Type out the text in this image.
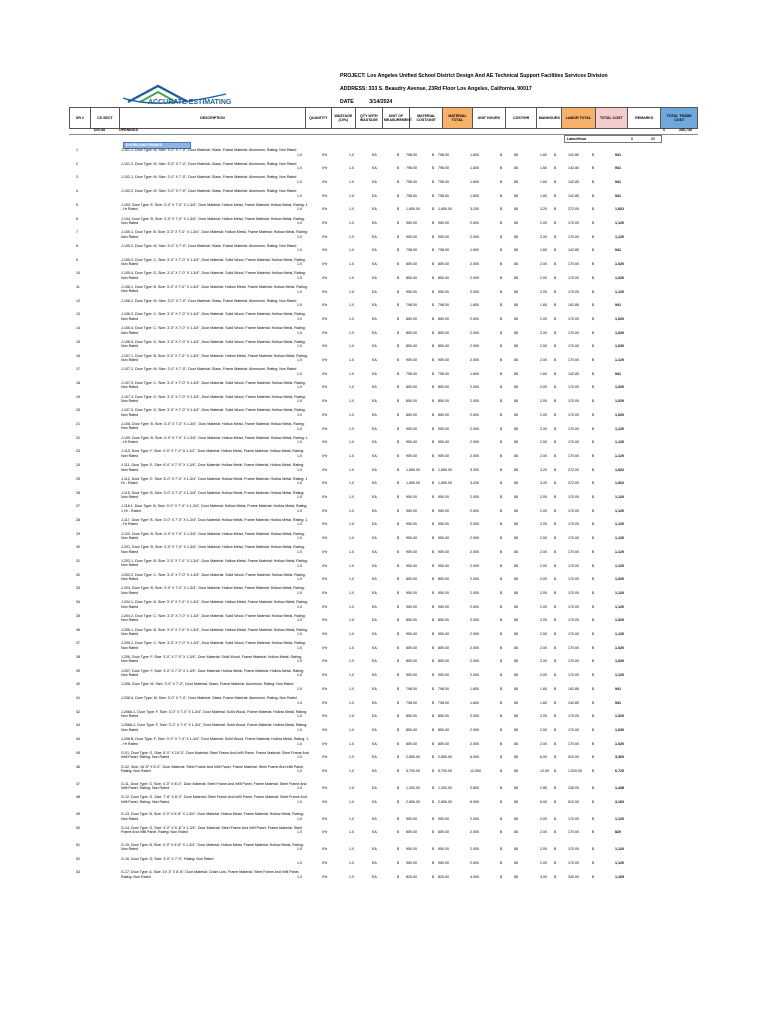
ACCURATE ESTIMATING
PROJECT: Los Angeles Unified School District Design And AE Technical Support Facilities Services Division
ADDRESS: 333 S. Beaudry Avenue, 23Rd Floor Los Angeles, California, 90017
DATE	3/14/2024
SR #	CS SECT	DESCRIPTION	QUANTITY	WASTAGE (10%)	QTY WITH WASTAGE	UNIT OF MEASUREMENT	MATERIAL COST/UNIT	MATERIAL TOTAL	UNIT HOURS	COST/HR	MANHOURS	LABOR TOTAL	TOTAL COST	REMARKS	TOTAL TRADE COST
DIV-08	OPENINGS	$	285,739
Labor/Hour	$	85
DOORS AND FRAMES
1	J-101.1, Door Type: M, Size: 3'-0" X 7'-0", Door Material: Glass, Frame Material: Aluminum, Rating: Non Rated
1.0	0%	1.0	EA	$ 798.00	$ 798.00	1.600	$	85	1.60 $	142.80	$	941
2	J-101.2, Door Type: M, Size: 3'-0" X 7'-0", Door Material: Glass, Frame Material: Aluminum, Rating: Non Rated
1.0	0%	1.0	EA	$ 798.00	$ 798.00	1.600	$	85	1.60 $	142.80	$	941
3	J-102.1, Door Type: M, Size: 3'-0" X 7'-0", Door Material: Glass, Frame Material: Aluminum, Rating: Non Rated
1.0	0%	1.0	EA	$ 798.00	$ 798.00	1.600	$	85	1.60 $	142.80	$	941
4	J-102.2, Door Type: M, Size: 3'-0" X 7'-0", Door Material: Glass, Frame Material: Aluminum, Rating: Non Rated
1.0	0%	1.0	EA	$ 798.00	$ 798.00	1.600	$	85	1.60 $	142.80	$	941
5	J-103, Door Type: E, Size: 3'-0" X 7'-0" X 1-3/4", Door Material: Hollow Metal, Frame Material: Hollow Metal, Rating: 1 - Hr Rated	1.0	0%	1.0	EA	$ 1,650.00	$ 1,650.00	3.200	$	85	3.20 $	272.00	$	1,922
6	J-104, Door Type: B, Size: 3'-0" X 7'-0" X 1-3/4", Door Material: Hollow Metal, Frame Material: Hollow Metal, Rating: Non Rated	1.0	0%	1.0	EA	$ 950.00	$ 950.00	2.000	$	85	2.00 $	170.00	$	1,120
7	J-105.1, Door Type: B, Size: 3'-0" X 7'-0" X 1-3/4", Door Material: Hollow Metal, Frame Material: Hollow Metal, Rating: Non Rated	1.0	0%	1.0	EA	$ 950.00	$ 950.00	2.000	$	85	2.00 $	170.00	$	1,120
8	J-105.2, Door Type: M, Size: 3'-0" X 7'-0", Door Material: Glass, Frame Material: Aluminum, Rating: Non Rated
1.0	0%	1.0	EA	$ 798.00	$ 798.00	1.600	$	85	1.60 $	142.80	$	941
9	J-105.3, Door Type: C, Size: 3'-0" X 7'-0" X 1-3/4", Door Material: Solid Wood, Frame Material: Hollow Metal, Rating: Non Rated	1.0	0%	1.0	EA	$ 850.00	$ 850.00	2.000	$	85	2.00 $	170.00	$	1,020
10	J-105.4, Door Type: D, Size: 3'-0" X 7'-0" X 1-3/4", Door Material: Solid Wood, Frame Material: Hollow Metal, Rating: Non Rated	1.0	0%	1.0	EA	$ 850.00	$ 850.00	2.000	$	85	2.00 $	170.00	$	1,020
11	J-106.1, Door Type: B, Size: 3'-0" X 7'-0" X 1-3/4", Door Material: Hollow Metal, Frame Material: Hollow Metal, Rating: Non Rated	1.0	0%	1.0	EA	$ 950.00	$ 950.00	2.000	$	85	2.00 $	170.00	$	1,120
12	J-106.2, Door Type: M, Size: 3'-0" X 7'-0", Door Material: Glass, Frame Material: Aluminum, Rating: Non Rated
1.0	0%	1.0	EA	$ 798.00	$ 798.00	1.600	$	85	1.60 $	142.80	$	941
13	J-106.3, Door Type: C, Size: 3'-0" X 7'-0" X 1-3/4", Door Material: Solid Wood, Frame Material: Hollow Metal, Rating: Non Rated	1.0	0%	1.0	EA	$ 850.00	$ 850.00	2.000	$	85	2.00 $	170.00	$	1,020
14	J-106.4, Door Type: C, Size: 3'-0" X 7'-0" X 1-3/4", Door Material: Solid Wood, Frame Material: Hollow Metal, Rating: Non Rated	1.0	0%	1.0	EA	$ 850.00	$ 850.00	2.000	$	85	2.00 $	170.00	$	1,020
15	J-106.5, Door Type: D, Size: 3'-0" X 7'-0" X 1-3/4", Door Material: Solid Wood, Frame Material: Hollow Metal, Rating: Non Rated	1.0	0%	1.0	EA	$ 850.00	$ 850.00	2.000	$	85	2.00 $	170.00	$	1,020
16	J-107.1, Door Type: B, Size: 3'-0" X 7'-0" X 1-3/4", Door Material: Hollow Metal, Frame Material: Hollow Metal, Rating: Non Rated	1.0	0%	1.0	EA	$ 950.00	$ 950.00	2.000	$	85	2.00 $	170.00	$	1,120
17	J-107.2, Door Type: M, Size: 3'-0" X 7'-0", Door Material: Glass, Frame Material: Aluminum, Rating: Non Rated
1.0	0%	1.0	EA	$ 798.00	$ 798.00	1.600	$	85	1.60 $	142.80	$	941
18	J-107.3, Door Type: C, Size: 3'-0" X 7'-0" X 1-3/4", Door Material: Solid Wood, Frame Material: Hollow Metal, Rating: Non Rated	1.0	0%	1.0	EA	$ 850.00	$ 850.00	2.000	$	85	2.00 $	170.00	$	1,020
19	J-107.4, Door Type: D, Size: 3'-0" X 7'-0" X 1-3/4", Door Material: Solid Wood, Frame Material: Hollow Metal, Rating: Non Rated	1.0	0%	1.0	EA	$ 850.00	$ 850.00	2.000	$	85	2.00 $	170.00	$	1,020
20	J-107.5, Door Type: D, Size: 3'-0" X 7'-0" X 1-3/4", Door Material: Solid Wood, Frame Material: Hollow Metal, Rating: Non Rated	1.0	0%	1.0	EA	$ 850.00	$ 850.00	2.000	$	85	2.00 $	170.00	$	1,020
21	J-108, Door Type: B, Size: 3'-0" X 7'-0" X 1-3/4", Door Material: Hollow Metal, Frame Material: Hollow Metal, Rating: Non Rated	1.0	0%	1.0	EA	$ 950.00	$ 950.00	2.000	$	85	2.00 $	170.00	$	1,120
22	J-109, Door Type: B, Size: 3'-0" X 7'-0" X 1-3/4", Door Material: Hollow Metal, Frame Material: Hollow Metal, Rating: 1 - Hr Rated	1.0	0%	1.0	EA	$ 950.00	$ 950.00	2.000	$	85	2.00 $	170.00	$	1,120
23	J-110, Door Type: F, Size: 4'-0" X 7'-0" X 1-1/2", Door Material: Hollow Metal, Frame Material: Hollow Metal, Rating: Non Rated	1.0	0%	1.0	EA	$ 950.00	$ 950.00	2.000	$	85	2.00 $	170.00	$	1,120
24	J-111, Door Type: E, Size: 6'-0" X 7'-0" X 1-3/4", Door Material: Hollow Metal, Frame Material: Hollow Metal, Rating: Non Rated	1.0	0%	1.0	EA	$ 1,650.00	$ 1,650.00	3.200	$	85	3.20 $	272.00	$	1,922
25	J-112, Door Type: E, Size: 6'-0" X 7'-0" X 1-3/4", Door Material: Hollow Metal, Frame Material: Hollow Metal, Rating: 1 Hr - Rated	1.0	0%	1.0	EA	$ 1,650.00	$ 1,650.00	3.200	$	85	3.20 $	272.00	$	1,922
26	J-115, Door Type: B, Size: 3'-0" X 7'-0" X 1-3/4", Door Material: Hollow Metal, Frame Material: Hollow Metal, Rating: Non Rated	1.0	0%	1.0	EA	$ 950.00	$ 950.00	2.000	$	85	2.00 $	170.00	$	1,120
27	J-116.1, Door Type: B, Size: 3'-0" X 7'-0" X 1-3/4", Door Material: Hollow Metal, Frame Material: Hollow Metal, Rating: 1 Hr - Rated	1.0	0%	1.0	EA	$ 950.00	$ 950.00	2.000	$	85	2.00 $	170.00	$	1,120
28	J-117, Door Type: B, Size: 3'-0" X 7'-0" X 1-3/4", Door Material: Hollow Metal, Frame Material: Hollow Metal, Rating: 1 - Hr Rated	1.0	0%	1.0	EA	$ 950.00	$ 950.00	2.000	$	85	2.00 $	170.00	$	1,120
29	J-120, Door Type: B, Size: 3'-0" X 7'-0" X 1-3/4", Door Material: Hollow Metal, Frame Material: Hollow Metal, Rating: Non Rated	1.0	0%	1.0	EA	$ 950.00	$ 950.00	2.000	$	85	2.00 $	170.00	$	1,120
30	J-201, Door Type: B, Size: 3'-0" X 7'-0" X 1-3/4", Door Material: Hollow Metal, Frame Material: Hollow Metal, Rating: Non Rated	1.0	0%	1.0	EA	$ 950.00	$ 950.00	2.000	$	85	2.00 $	170.00	$	1,120
31	J-202.1, Door Type: B, Size: 3'-0" X 7'-0" X 1-3/4", Door Material: Hollow Metal, Frame Material: Hollow Metal, Rating: Non Rated	1.0	0%	1.0	EA	$ 950.00	$ 950.00	2.000	$	85	2.00 $	170.00	$	1,120
32	J-202.2, Door Type: C, Size: 3'-0" X 7'-0" X 1-3/4", Door Material: Solid Wood, Frame Material: Hollow Metal, Rating: Non Rated	1.0	0%	1.0	EA	$ 850.00	$ 850.00	2.000	$	85	2.00 $	170.00	$	1,020
33	J-203, Door Type: B, Size: 3'-0" X 7'-0" X 1-3/4", Door Material: Hollow Metal, Frame Material: Hollow Metal, Rating: Non Rated	1.0	0%	1.0	EA	$ 950.00	$ 950.00	2.000	$	85	2.00 $	170.00	$	1,120
34	J-204.1, Door Type: B, Size: 3'-0" X 7'-0" X 1-3/4", Door Material: Hollow Metal, Frame Material: Hollow Metal, Rating: Non Rated	1.0	0%	1.0	EA	$ 950.00	$ 950.00	2.000	$	85	2.00 $	170.00	$	1,120
35	J-204.2, Door Type: C, Size: 3'-0" X 7'-0" X 1-3/4", Door Material: Solid Wood, Frame Material: Hollow Metal, Rating: Non Rated	1.0	0%	1.0	EA	$ 850.00	$ 850.00	2.000	$	85	2.00 $	170.00	$	1,020
36	J-205.1, Door Type: B, Size: 3'-0" X 7'-0" X 1-3/4", Door Material: Hollow Metal, Frame Material: Hollow Metal, Rating: Non Rated	1.0	0%	1.0	EA	$ 950.00	$ 950.00	2.000	$	85	2.00 $	170.00	$	1,120
37	J-205.2, Door Type: C, Size: 3'-0" X 7'-0" X 1-3/4", Door Material: Solid Wood, Frame Material: Hollow Metal, Rating: Non Rated	1.0	0%	1.0	EA	$ 850.00	$ 850.00	2.000	$	85	2.00 $	170.00	$	1,020
38	J-206, Door Type: F, Size: 3'-0" X 7'-0" X 1-3/4", Door Material: Solid Wood, Frame Material: Hollow Metal, Rating: Non Rated	1.0	0%	1.0	EA	$ 850.00	$ 850.00	2.000	$	85	2.00 $	170.00	$	1,020
39	J-207, Door Type: F, Size: 3'-0" X 7'-0" X 1-3/4", Door Material: Hollow Metal, Frame Material: Hollow Metal, Rating: Non Rated	1.0	0%	1.0	EA	$ 950.00	$ 950.00	2.000	$	85	2.00 $	170.00	$	1,120
40	J-208, Door Type: M, Size: 3'-0" X 7'-0", Door Material: Glass, Frame Material: Aluminum, Rating: Non Rated
1.0	0%	1.0	EA	$ 798.00	$ 798.00	1.600	$	85	1.60 $	142.80	$	941
41	J-208 A, Door Type: M, Size: 3'-0" X 7'-0", Door Material: Glass, Frame Material: Aluminum, Rating: Non Rated
1.0	0%	1.0	EA	$ 798.00	$ 798.00	1.600	$	85	1.60 $	142.80	$	941
42	J-208A.1, Door Type: F, Size: 3'-0" X 7'-0" X 1-3/4", Door Material: Solid Wood, Frame Material: Hollow Metal, Rating: Non Rated	1.0	0%	1.0	EA	$ 850.00	$ 850.00	2.000	$	85	2.00 $	170.00	$	1,020
43	J-208A.2, Door Type: F, Size: 3'-0" X 7'-0" X 1-3/4", Door Material: Solid Wood, Frame Material: Hollow Metal, Rating: Non Rated	1.0	0%	1.0	EA	$ 850.00	$ 850.00	2.000	$	85	2.00 $	170.00	$	1,020
44	J-208 B, Door Type: F, Size: 3'-0" X 7'-0" X 1-3/4", Door Material: Solid Wood, Frame Material: Hollow Metal, Rating: 1 - Hr Rated	1.0	0%	1.0	EA	$ 850.00	$ 850.00	2.000	$	85	2.00 $	170.00	$	1,020
45	G-01, Door Type: G, Size: 8'-0" X 10'-0", Door Material: Steel Frame And Infill Panel, Frame Material: Steel Frame And Infill Panel, Rating: Non Rated	1.0	0%	1.0	EA	$ 2,850.00	$ 2,850.00	6.000	$	85	6.00 $	510.00	$	3,360
46	G-02, Size: 16'-5" X 6'-0", Door Material: Steel Frame And Infill Panel, Frame Material: Steel Frame And Infill Panel, Rating: Non Rated	1.0	0%	1.0	EA	$ 5,700.00	$ 5,700.00	12.000	$	85	12.00 $	1,020.00	$	6,720
47	G-11, Door Type: G, Size: 4'-0" X 8'-0", Door Material: Steel Frame And Infill Panel, Frame Material: Steel Frame And Infill Panel, Rating: Non Rated	1.0	0%	1.0	EA	$ 1,200.00	$ 1,200.00	2.800	$	85	2.80 $	238.00	$	1,438
48	G-12, Door Type: G, Size: 7'-8" X 8'-0", Door Material: Steel Frame And Infill Panel, Frame Material: Steel Frame And Infill Panel, Rating: Non Rated	1.0	0%	1.0	EA	$ 2,650.00	$ 2,650.00	6.000	$	85	6.00 $	510.00	$	3,160
49	G-13, Door Type: B, Size: 3'-0" X 6'-8" X 1-3/4", Door Material: Hollow Metal, Frame Material: Hollow Metal, Rating: Non Rated	1.0	0%	1.0	EA	$ 950.00	$ 950.00	2.000	$	85	2.00 $	170.00	$	1,120
50	G-14, Door Type: G, Size: 3'-0" X 6'-8" X 1-3/4", Door Material: Steel Frame And Infill Panel, Frame Material: Steel Frame And Infill Panel, Rating: Non Rated	1.0	0%	1.0	EA	$ 650.00	$ 650.00	2.000	$	85	2.00 $	170.00	$	820
51	G-15, Door Type: B, Size: 3'-0" X 6'-8" X 1-3/4", Door Material: Hollow Metal, Frame Material: Hollow Metal, Rating: Non Rated	1.0	0%	1.0	EA	$ 950.00	$ 950.00	2.000	$	85	2.00 $	170.00	$	1,120
52	G-16, Door Type: G, Size: 3'-0" X 7'-0", Rating: Non Rated
1.0	0%	1.0	EA	$ 950.00	$ 950.00	2.000	$	85	2.00 $	170.00	$	1,120
53	G-17, Door Type: A, Size: 10'-3" X 8'-8", Door Material: Chain Link, Frame Material: Steel Frame And Infill Panel, Rating: Non Rated	1.0	0%	1.0	EA	$ 825.00	$ 825.00	4.000	$	85	4.00 $	340.00	$	1,165
